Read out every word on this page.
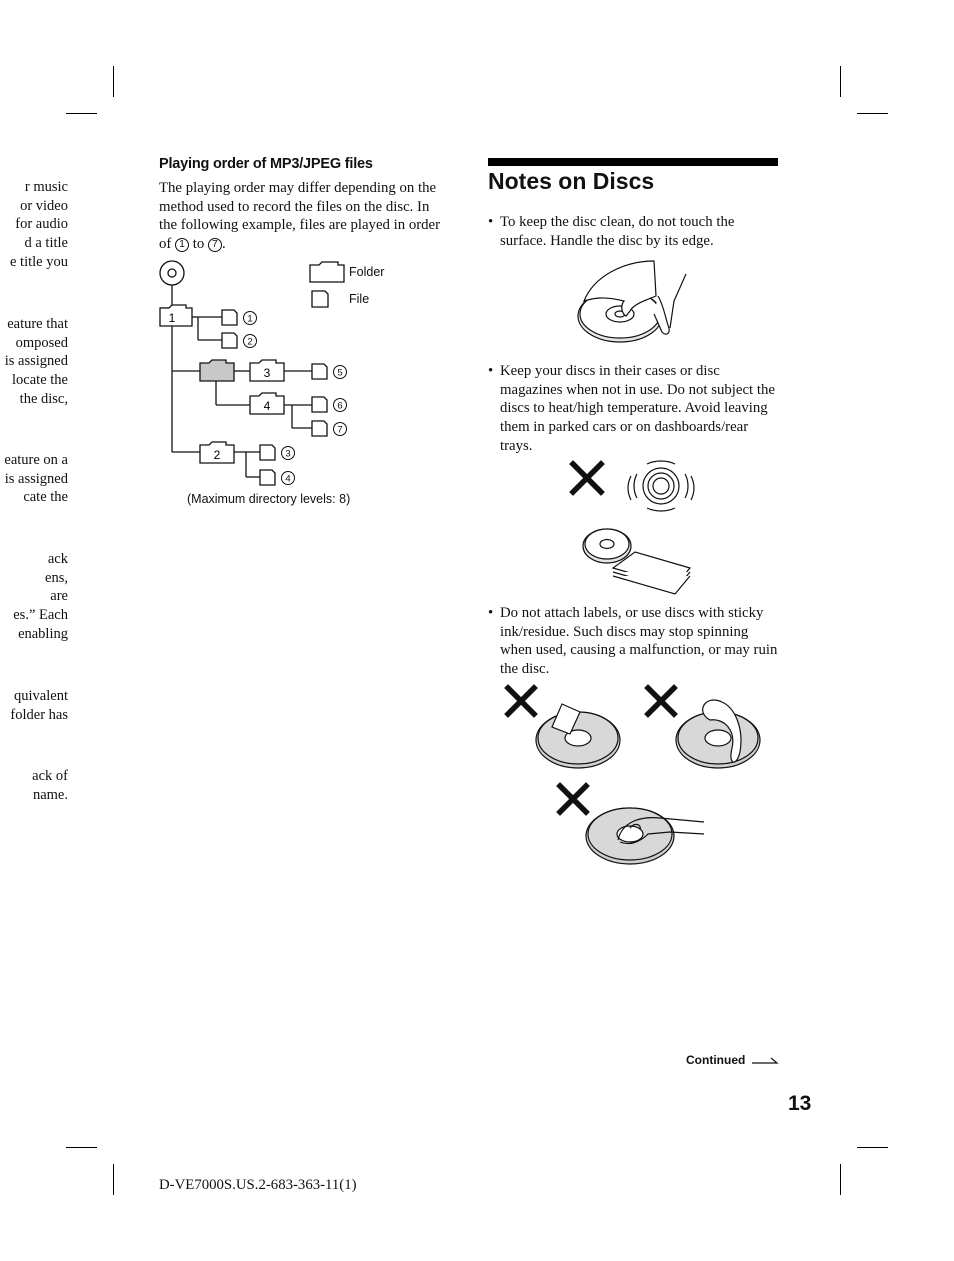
r music
or video
for audio
d a title
e title you
eature that
omposed
is assigned
locate the
the disc,
eature on a
is assigned
cate the
ack
ens,
are
es.” Each
enabling
quivalent
folder has
ack of
name.
Playing order of MP3/JPEG files
The playing order may differ depending on the method used to record the files on the disc. In the following example, files are played in order of 1 to 7 .
1
3
4
2
1
2
5
6
7
3
4
Folder
File
(Maximum directory levels: 8)
Notes on Discs
• To keep the disc clean, do not touch the surface. Handle the disc by its edge.
• Keep your discs in their cases or disc magazines when not in use. Do not subject the discs to heat/high temperature. Avoid leaving them in parked cars or on dashboards/rear trays.
• Do not attach labels, or use discs with sticky ink/residue. Such discs may stop spinning when used, causing a malfunction, or may ruin the disc.
Continued
13
D-VE7000S.US.2-683-363-11(1)
